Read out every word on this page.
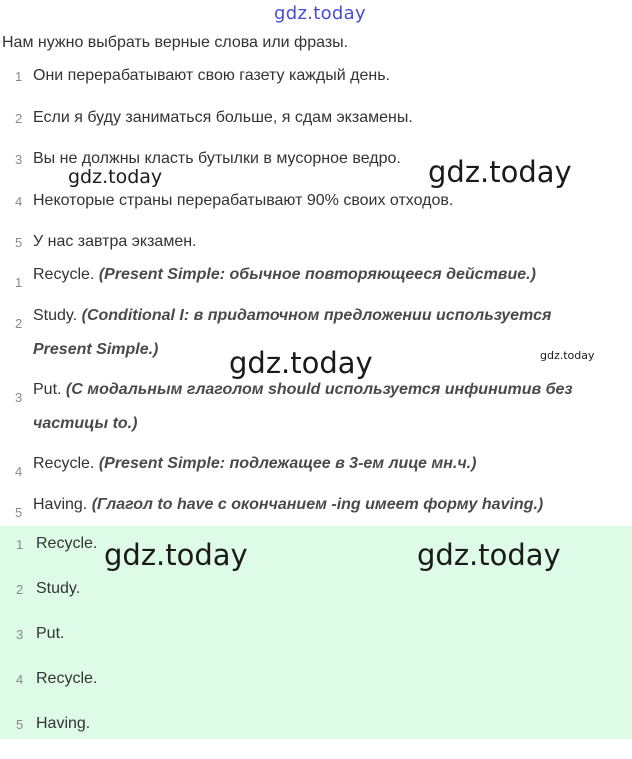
gdz.today
Нам нужно выбрать верные слова или фразы.
1 Они перерабатывают свою газету каждый день.
2 Если я буду заниматься больше, я сдам экзамены.
3 Вы не должны класть бутылки в мусорное ведро.
4 Некоторые страны перерабатывают 90% своих отходов.
5 У нас завтра экзамен.
1 Recycle. (Present Simple: обычное повторяющееся действие.)
2 Study. (Conditional I: в придаточном предложении используется Present Simple.)
3 Put. (С модальным глаголом should используется инфинитив без частицы to.)
4 Recycle. (Present Simple: подлежащее в 3-ем лице мн.ч.)
5 Having. (Глагол to have с окончанием -ing имеет форму having.)
1 Recycle.
2 Study.
3 Put.
4 Recycle.
5 Having.
gdz.today	gdz.today
gdz.today	gdz.today
gdz.today	gdz.today
